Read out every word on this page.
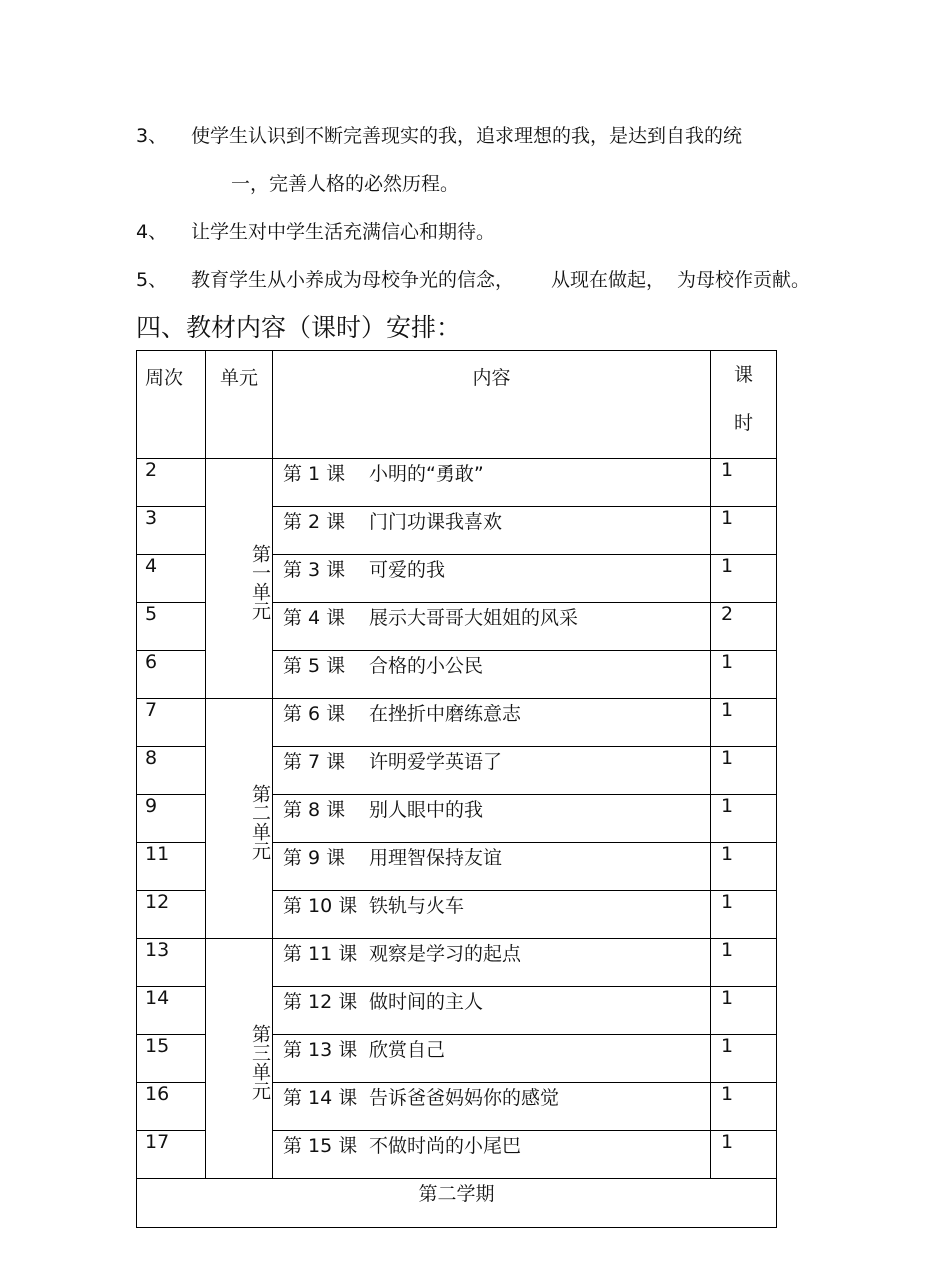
3、 使学生认识到不断完善现实的我，追求理想的我，是达到自我的统
一，完善人格的必然历程。
4、 让学生对中学生活充满信心和期待。
5、 教育学生从小养成为母校争光的信念， 从现在做起， 为母校作贡献。
四、教材内容（课时）安排：
周次	单元	内容	课时

2	第一单元	第 1 课 小明的“勇敢”	1
3		第 2 课 门门功课我喜欢	1
4		第 3 课 可爱的我	1
5		第 4 课 展示大哥哥大姐姐的风采	2
6		第 5 课 合格的小公民	1
7	第二单元	第 6 课 在挫折中磨练意志	1
8		第 7 课 许明爱学英语了	1
9		第 8 课 别人眼中的我	1
11		第 9 课 用理智保持友谊	1
12		第 10 课 铁轨与火车	1
13	第三单元	第 11 课 观察是学习的起点	1
14		第 12 课 做时间的主人	1
15		第 13 课 欣赏自己	1
16		第 14 课 告诉爸爸妈妈你的感觉	1
17		第 15 课 不做时尚的小尾巴	1
第二学期			
